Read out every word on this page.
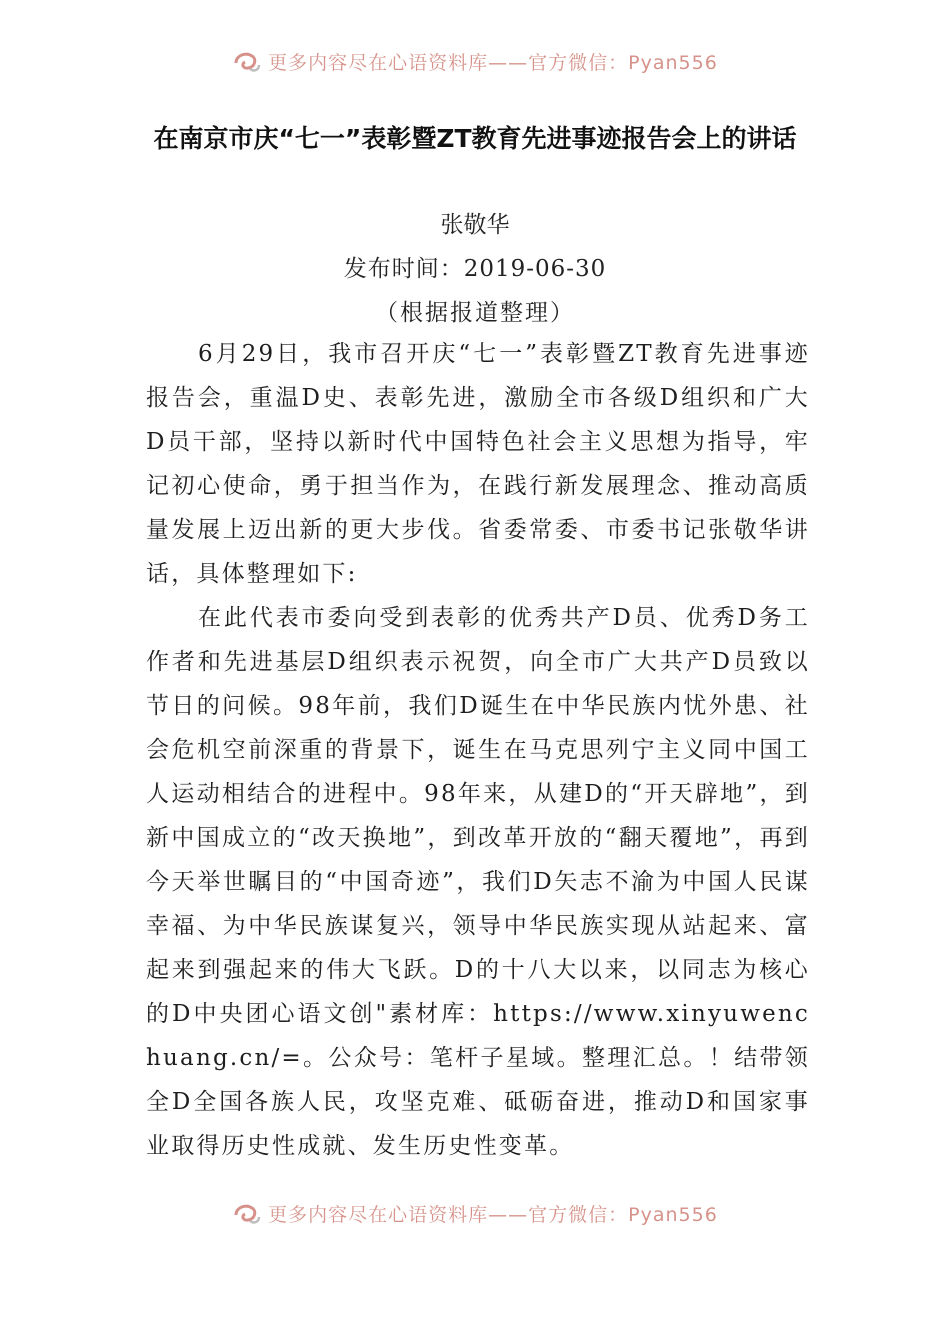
更多内容尽在心语资料库——官方微信：Pyan556
在南京市庆“七一”表彰暨ZT教育先进事迹报告会上的讲话
张敬华
发布时间：2019-06-30
（根据报道整理）

6月29日，我市召开庆“七一”表彰暨ZT教育先进事迹报告会，重温D史、表彰先进，激励全市各级D组织和广大D员干部，坚持以新时代中国特色社会主义思想为指导，牢记初心使命，勇于担当作为，在践行新发展理念、推动高质量发展上迈出新的更大步伐。省委常委、市委书记张敬华讲话，具体整理如下:

在此代表市委向受到表彰的优秀共产D员、优秀D务工作者和先进基层D组织表示祝贺，向全市广大共产D员致以节日的问候。98年前，我们D诞生在中华民族内忧外患、社会危机空前深重的背景下，诞生在马克思列宁主义同中国工人运动相结合的进程中。98年来，从建D的“开天辟地”，到新中国成立的“改天换地”，到改革开放的“翻天覆地”，再到今天举世瞩目的“中国奇迹”，我们D矢志不渝为中国人民谋幸福、为中华民族谋复兴，领导中华民族实现从站起来、富起来到强起来的伟大飞跃。D的十八大以来，以同志为核心的D中央团心语文创"素材库：https://www.xinyuwenchuang.cn/=。公众号：笔杆子星域。整理汇总。！结带领全D全国各族人民，攻坚克难、砥砺奋进，推动D和国家事业取得历史性成就、发生历史性变革。

更多内容尽在心语资料库——官方微信：Pyan556
